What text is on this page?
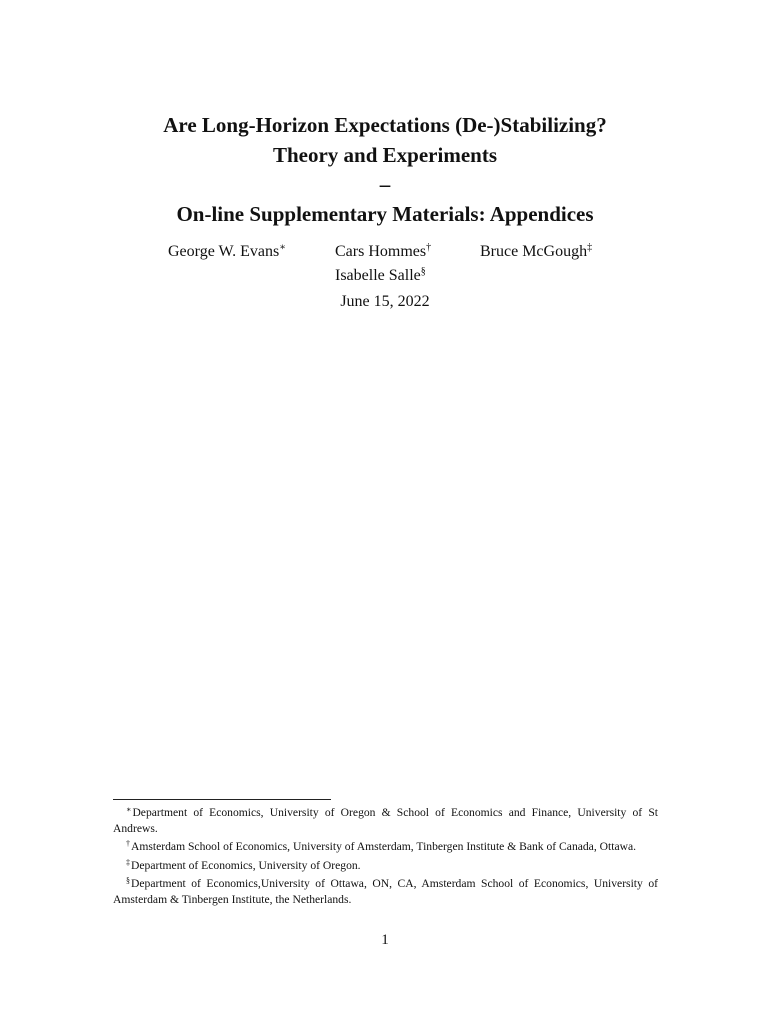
Are Long-Horizon Expectations (De-)Stabilizing?
Theory and Experiments
–
On-line Supplementary Materials: Appendices
George W. Evans∗	Cars Hommes†	Bruce McGough‡
Isabelle Salle§
June 15, 2022
∗Department of Economics, University of Oregon & School of Economics and Finance, University of St Andrews.
†Amsterdam School of Economics, University of Amsterdam, Tinbergen Institute & Bank of Canada, Ottawa.
‡Department of Economics, University of Oregon.
§Department of Economics,University of Ottawa, ON, CA, Amsterdam School of Economics, University of Amsterdam & Tinbergen Institute, the Netherlands.
1
